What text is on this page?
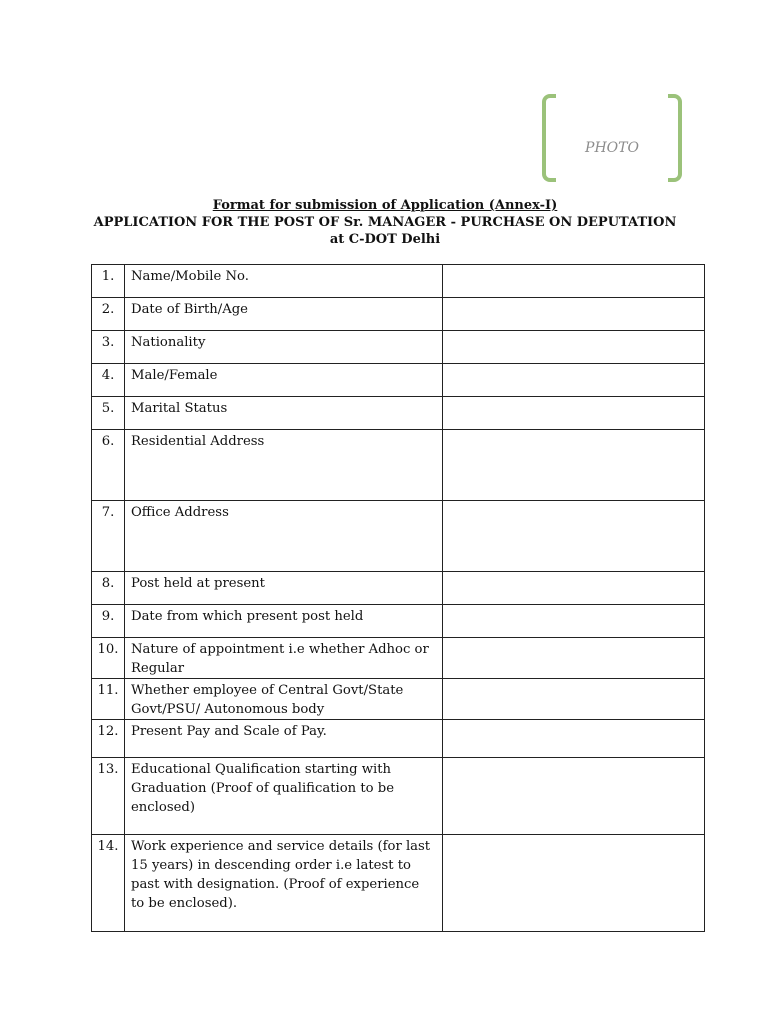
PHOTO
Format for submission of Application (Annex-I)
APPLICATION FOR THE POST OF Sr. MANAGER - PURCHASE ON DEPUTATION
at C-DOT Delhi
1.	Name/Mobile No.	
2.	Date of Birth/Age	
3.	Nationality	
4.	Male/Female	
5.	Marital Status	
6.	Residential Address	
7.	Office Address	
8.	Post held at present	
9.	Date from which present post held	
10.	Nature of appointment i.e whether Adhoc or Regular	
11.	Whether employee of Central Govt/State Govt/PSU/ Autonomous body	
12.	Present Pay and Scale of Pay.	
13.	Educational Qualification starting with Graduation (Proof of qualification to be enclosed)	
14.	Work experience and service details (for last 15 years) in descending order i.e latest to past with designation. (Proof of experience to be enclosed).	
